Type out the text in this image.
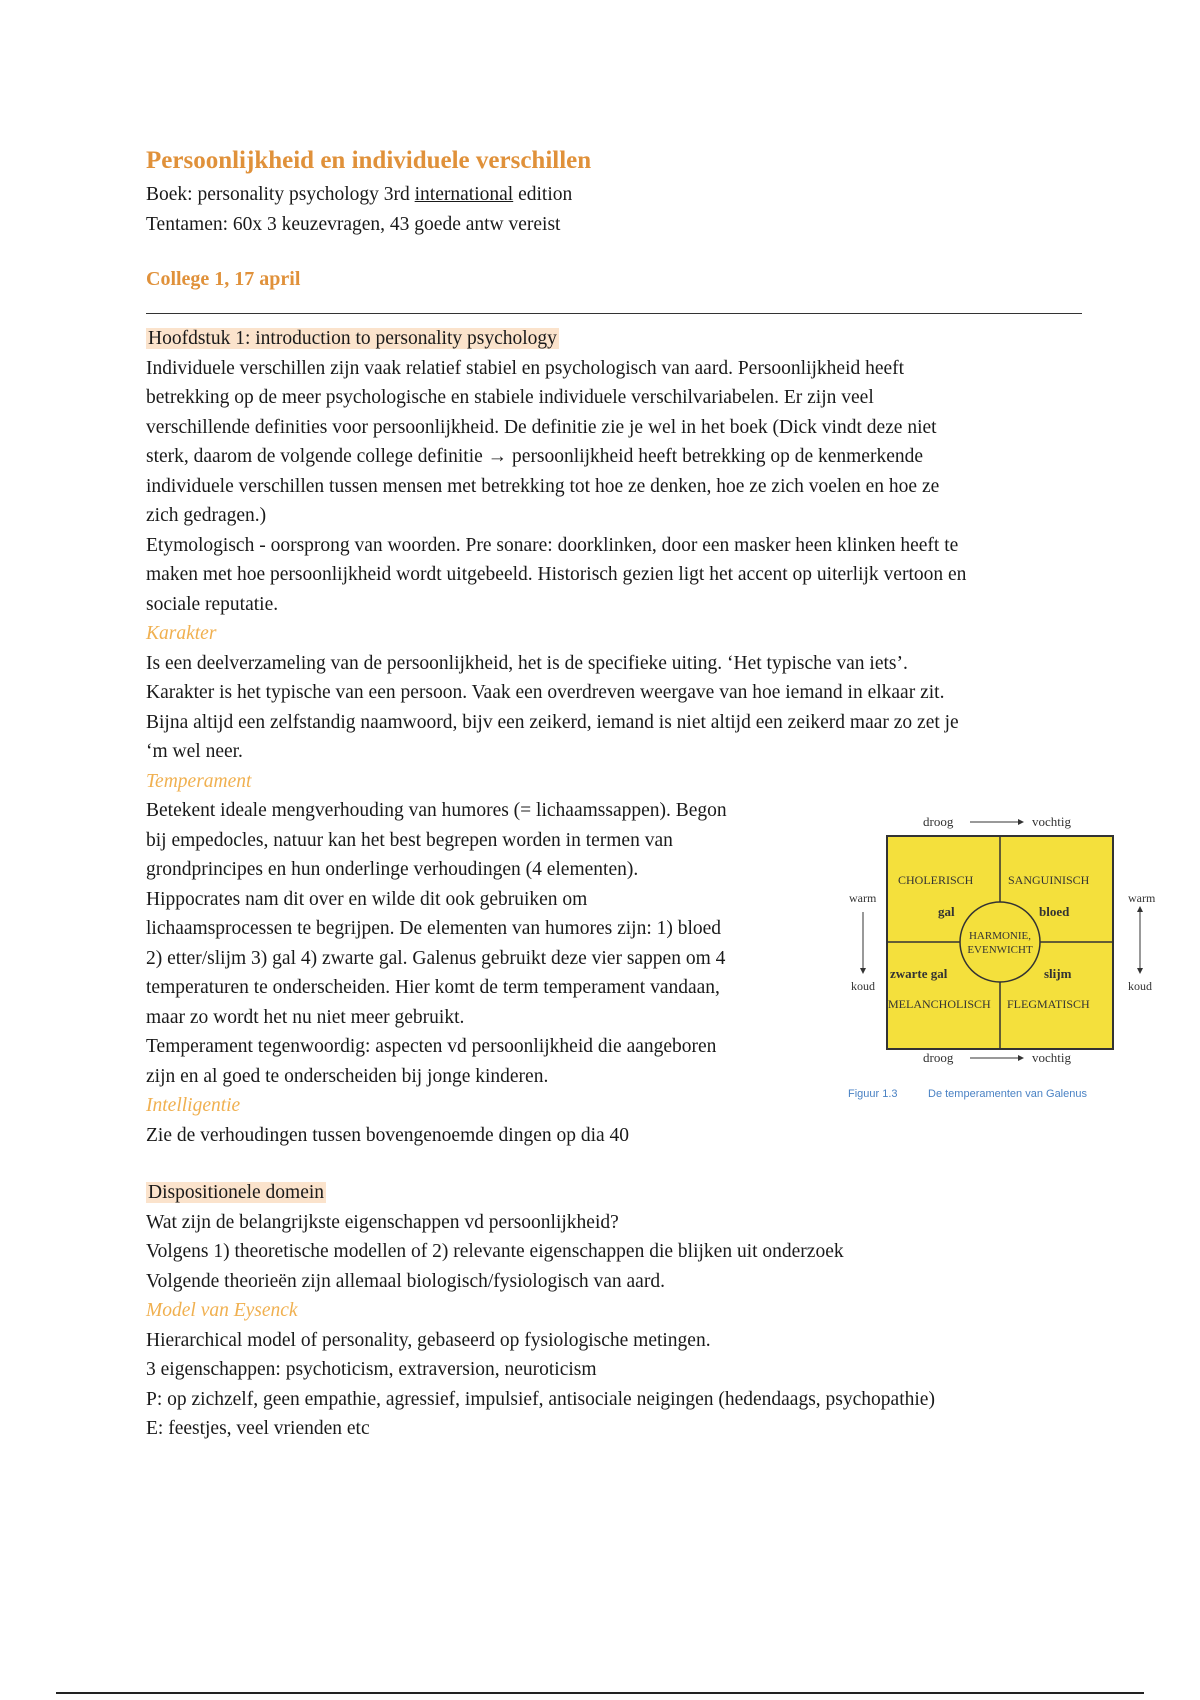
Persoonlijkheid en individuele verschillen

Boek: personality psychology 3rd international edition

Tentamen: 60x 3 keuzevragen, 43 goede antw vereist

College 1, 17 april

Hoofdstuk 1: introduction to personality psychology

Individuele verschillen zijn vaak relatief stabiel en psychologisch van aard. Persoonlijkheid heeft

betrekking op de meer psychologische en stabiele individuele verschilvariabelen. Er zijn veel

verschillende definities voor persoonlijkheid. De definitie zie je wel in het boek (Dick vindt deze niet

sterk, daarom de volgende college definitie → persoonlijkheid heeft betrekking op de kenmerkende

individuele verschillen tussen mensen met betrekking tot hoe ze denken, hoe ze zich voelen en hoe ze

zich gedragen.)

Etymologisch - oorsprong van woorden. Pre sonare: doorklinken, door een masker heen klinken heeft te

maken met hoe persoonlijkheid wordt uitgebeeld. Historisch gezien ligt het accent op uiterlijk vertoon en

sociale reputatie.

Karakter

Is een deelverzameling van de persoonlijkheid, het is de specifieke uiting. ‘Het typische van iets’.

Karakter is het typische van een persoon. Vaak een overdreven weergave van hoe iemand in elkaar zit.

Bijna altijd een zelfstandig naamwoord, bijv een zeikerd, iemand is niet altijd een zeikerd maar zo zet je

‘m wel neer.

Temperament

Betekent ideale mengverhouding van humores (= lichaamssappen). Begon

bij empedocles, natuur kan het best begrepen worden in termen van

grondprincipes en hun onderlinge verhoudingen (4 elementen).

Hippocrates nam dit over en wilde dit ook gebruiken om

lichaamsprocessen te begrijpen. De elementen van humores zijn: 1) bloed

2) etter/slijm 3) gal 4) zwarte gal. Galenus gebruikt deze vier sappen om 4

temperaturen te onderscheiden. Hier komt de term temperament vandaan,

maar zo wordt het nu niet meer gebruikt.

Temperament tegenwoordig: aspecten vd persoonlijkheid die aangeboren

zijn en al goed te onderscheiden bij jonge kinderen.

droog	vochtig
CHOLERISCH	SANGUINISCH
gal	bloed
HARMONIE,
EVENWICHT
zwarte gal	slijm
MELANCHOLISCH FLEGMATISCH
warm
koud
warm
koud
droog	vochtig
Figuur 1.3	De temperamenten van Galenus

Intelligentie

Zie de verhoudingen tussen bovengenoemde dingen op dia 40

Dispositionele domein

Wat zijn de belangrijkste eigenschappen vd persoonlijkheid?

Volgens 1) theoretische modellen of 2) relevante eigenschappen die blijken uit onderzoek

Volgende theorieën zijn allemaal biologisch/fysiologisch van aard.

Model van Eysenck

Hierarchical model of personality, gebaseerd op fysiologische metingen.

3 eigenschappen: psychoticism, extraversion, neuroticism

P: op zichzelf, geen empathie, agressief, impulsief, antisociale neigingen (hedendaags, psychopathie)

E: feestjes, veel vrienden etc
